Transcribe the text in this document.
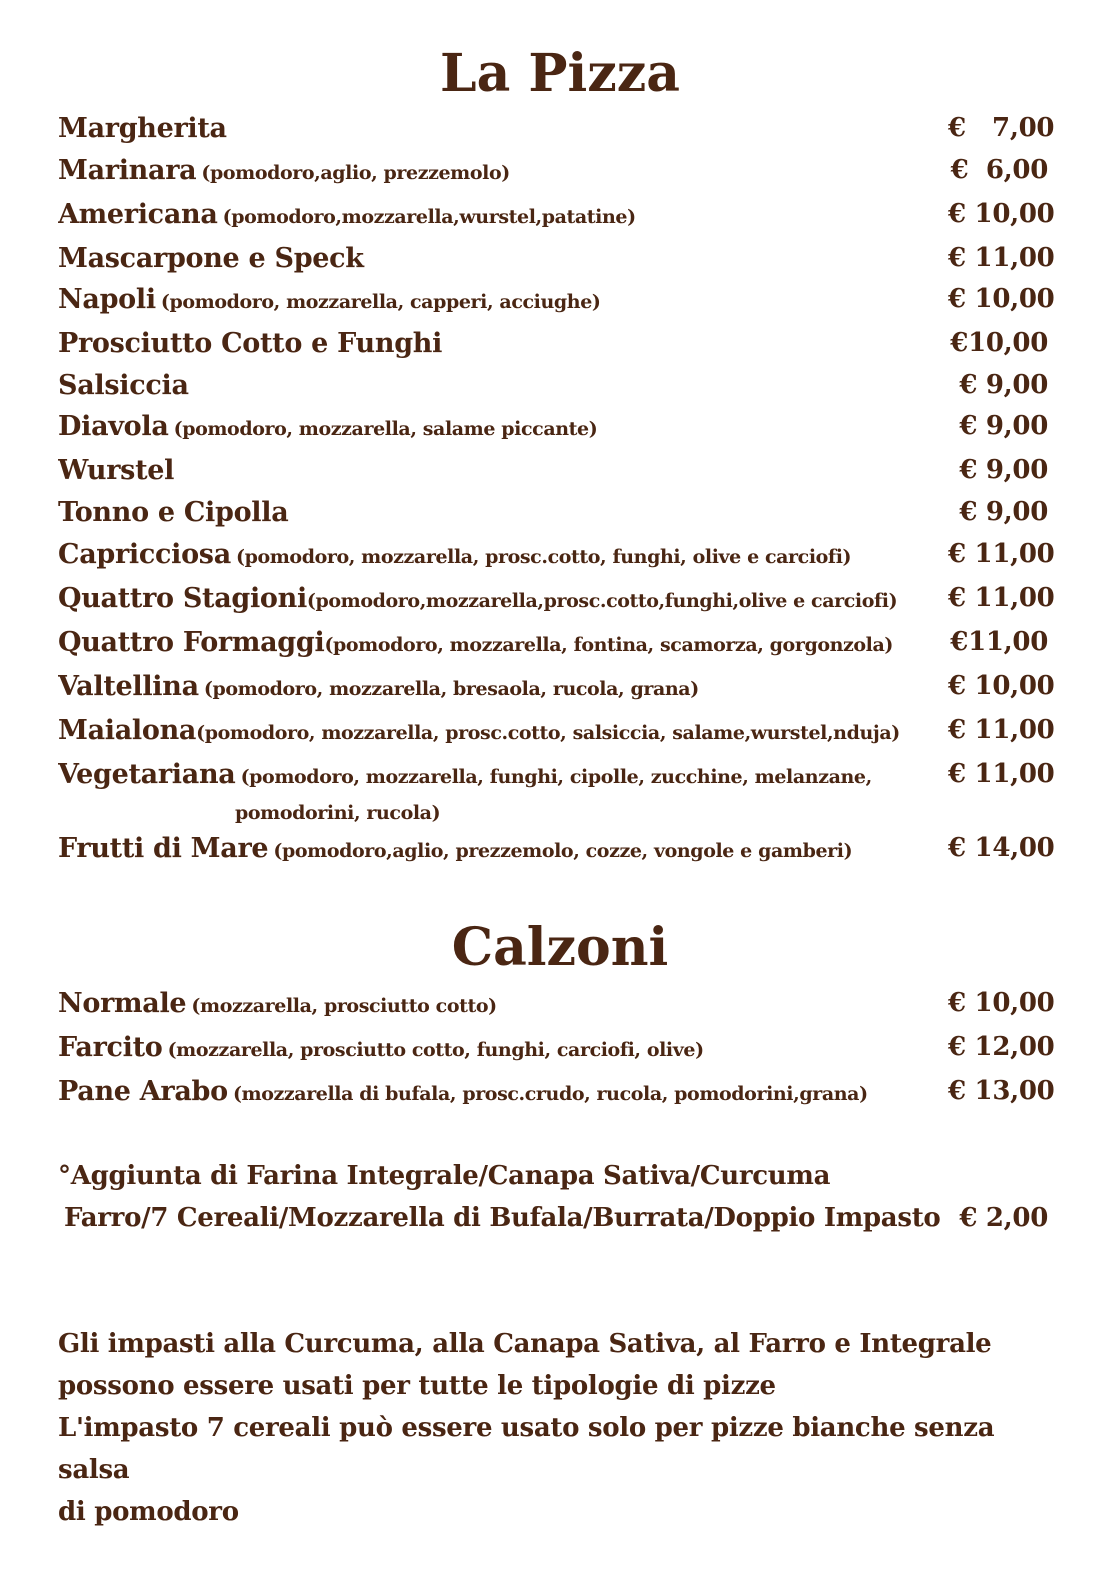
La Pizza
Margherita	€   7,00
Marinara (pomodoro,aglio, prezzemolo)	€  6,00
Americana (pomodoro,mozzarella,wurstel,patatine)	€ 10,00
Mascarpone e Speck	€ 11,00
Napoli (pomodoro, mozzarella, capperi, acciughe)	€ 10,00
Prosciutto Cotto e Funghi	€10,00
Salsiccia	€ 9,00
Diavola (pomodoro, mozzarella, salame piccante)	€ 9,00
Wurstel	€ 9,00
Tonno e Cipolla	€ 9,00
Capricciosa (pomodoro, mozzarella, prosc.cotto, funghi, olive e carciofi)	€ 11,00
Quattro Stagioni(pomodoro,mozzarella,prosc.cotto,funghi,olive e carciofi)	€ 11,00
Quattro Formaggi(pomodoro, mozzarella, fontina, scamorza, gorgonzola)	€11,00
Valtellina (pomodoro, mozzarella, bresaola, rucola, grana)	€ 10,00
Maialona(pomodoro, mozzarella, prosc.cotto, salsiccia, salame,wurstel,nduja)	€ 11,00
Vegetariana (pomodoro, mozzarella, funghi, cipolle, zucchine, melanzane,
pomodorini, rucola)
€ 11,00
Frutti di Mare (pomodoro,aglio, prezzemolo, cozze, vongole e gamberi)	€ 14,00
Calzoni
Normale (mozzarella, prosciutto cotto)	€ 10,00
Farcito (mozzarella, prosciutto cotto, funghi, carciofi, olive)	€ 12,00
Pane Arabo (mozzarella di bufala, prosc.crudo, rucola, pomodorini,grana)	€ 13,00
°Aggiunta di Farina Integrale/Canapa Sativa/Curcuma
Farro/7 Cereali/Mozzarella di Bufala/Burrata/Doppio Impasto € 2,00

Gli impasti alla Curcuma, alla Canapa Sativa, al Farro e Integrale

possono essere usati per tutte le tipologie di pizze

L'impasto 7 cereali può essere usato solo per pizze bianche senza salsa

di pomodoro
